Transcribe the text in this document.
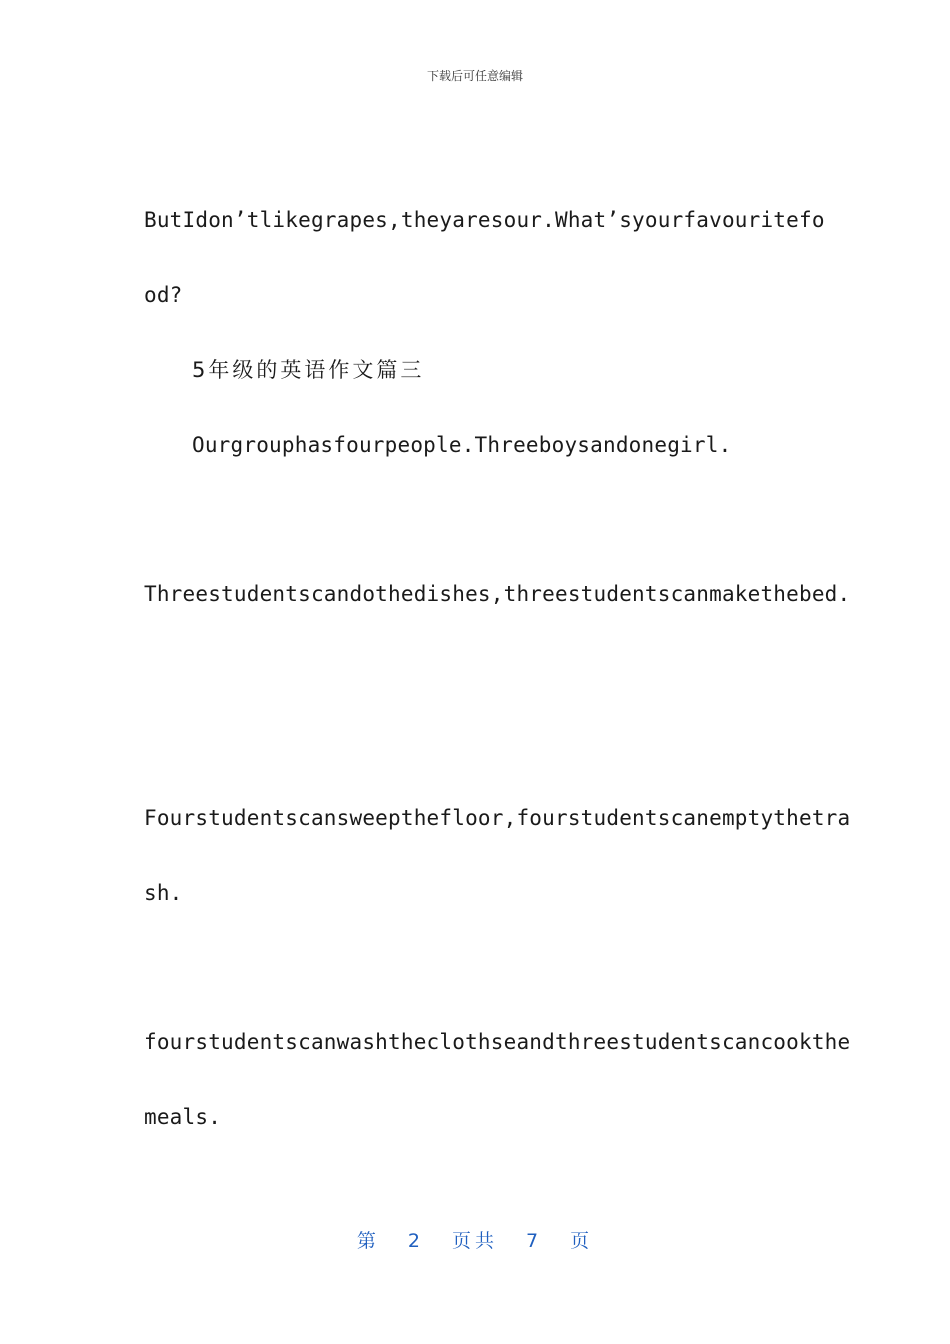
下载后可任意编辑
ButIdon’tlikegrapes,theyaresour.What’syourfavouritefo
od?
5年级的英语作文篇三
Ourgrouphasfourpeople.Threeboysandonegirl.
Threestudentscandothedishes,threestudentscanmakethebed.
Fourstudentscansweepthefloor,fourstudentscanemptythetra
sh.
fourstudentscanwashtheclothseandthreestudentscancookthe
meals.
第 2 页共 7 页
